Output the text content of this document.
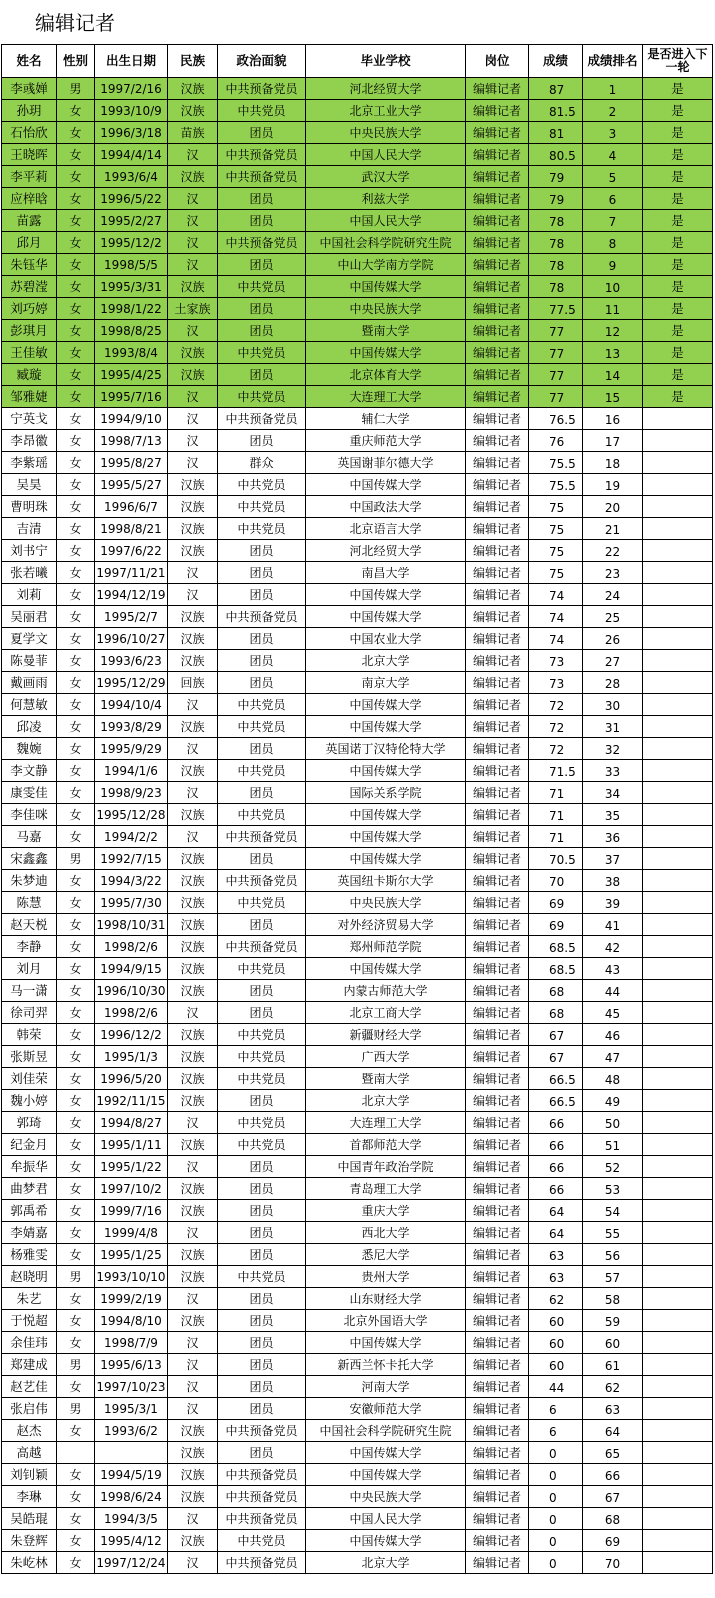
编辑记者
姓名	性别	出生日期	民族	政治面貌	毕业学校	岗位	成绩	成绩排名	是否进入下一轮
李彧婵	男	1997/2/16	汉族	中共预备党员	河北经贸大学	编辑记者	87	1	是
孙玥	女	1993/10/9	汉族	中共党员	北京工业大学	编辑记者	81.5	2	是
石怡欣	女	1996/3/18	苗族	团员	中央民族大学	编辑记者	81	3	是
王晓晖	女	1994/4/14	汉	中共预备党员	中国人民大学	编辑记者	80.5	4	是
李平莉	女	1993/6/4	汉族	中共预备党员	武汉大学	编辑记者	79	5	是
应梓晗	女	1996/5/22	汉	团员	利兹大学	编辑记者	79	6	是
苗露	女	1995/2/27	汉	团员	中国人民大学	编辑记者	78	7	是
邱月	女	1995/12/2	汉	中共预备党员	中国社会科学院研究生院	编辑记者	78	8	是
朱钰华	女	1998/5/5	汉	团员	中山大学南方学院	编辑记者	78	9	是
苏碧滢	女	1995/3/31	汉族	中共党员	中国传媒大学	编辑记者	78	10	是
刘巧婷	女	1998/1/22	土家族	团员	中央民族大学	编辑记者	77.5	11	是
彭琪月	女	1998/8/25	汉	团员	暨南大学	编辑记者	77	12	是
王佳敏	女	1993/8/4	汉族	中共党员	中国传媒大学	编辑记者	77	13	是
臧璇	女	1995/4/25	汉族	团员	北京体育大学	编辑记者	77	14	是
邹雅婕	女	1995/7/16	汉	中共党员	大连理工大学	编辑记者	77	15	是
宁英戈	女	1994/9/10	汉	中共预备党员	辅仁大学	编辑记者	76.5	16	
李昂徽	女	1998/7/13	汉	团员	重庆师范大学	编辑记者	76	17	
李紫瑶	女	1995/8/27	汉	群众	英国谢菲尔德大学	编辑记者	75.5	18	
吴昊	女	1995/5/27	汉族	中共党员	中国传媒大学	编辑记者	75.5	19	
曹明珠	女	1996/6/7	汉族	中共党员	中国政法大学	编辑记者	75	20	
吉清	女	1998/8/21	汉族	中共党员	北京语言大学	编辑记者	75	21	
刘书宁	女	1997/6/22	汉族	团员	河北经贸大学	编辑记者	75	22	
张若曦	女	1997/11/21	汉	团员	南昌大学	编辑记者	75	23	
刘莉	女	1994/12/19	汉	团员	中国传媒大学	编辑记者	74	24	
吴丽君	女	1995/2/7	汉族	中共预备党员	中国传媒大学	编辑记者	74	25	
夏学文	女	1996/10/27	汉族	团员	中国农业大学	编辑记者	74	26	
陈曼菲	女	1993/6/23	汉族	团员	北京大学	编辑记者	73	27	
戴画雨	女	1995/12/29	回族	团员	南京大学	编辑记者	73	28	
何慧敏	女	1994/10/4	汉	中共党员	中国传媒大学	编辑记者	72	30	
邱凌	女	1993/8/29	汉族	中共党员	中国传媒大学	编辑记者	72	31	
魏婉	女	1995/9/29	汉	团员	英国诺丁汉特伦特大学	编辑记者	72	32	
李文静	女	1994/1/6	汉族	中共党员	中国传媒大学	编辑记者	71.5	33	
康雯佳	女	1998/9/23	汉	团员	国际关系学院	编辑记者	71	34	
李佳咪	女	1995/12/28	汉族	中共党员	中国传媒大学	编辑记者	71	35	
马嘉	女	1994/2/2	汉	中共预备党员	中国传媒大学	编辑记者	71	36	
宋鑫鑫	男	1992/7/15	汉族	团员	中国传媒大学	编辑记者	70.5	37	
朱梦迪	女	1994/3/22	汉族	中共预备党员	英国纽卡斯尔大学	编辑记者	70	38	
陈慧	女	1995/7/30	汉族	中共党员	中央民族大学	编辑记者	69	39	
赵天棁	女	1998/10/31	汉族	团员	对外经济贸易大学	编辑记者	69	41	
李静	女	1998/2/6	汉族	中共预备党员	郑州师范学院	编辑记者	68.5	42	
刘月	女	1994/9/15	汉族	中共党员	中国传媒大学	编辑记者	68.5	43	
马一潇	女	1996/10/30	汉族	团员	内蒙古师范大学	编辑记者	68	44	
徐司羿	女	1998/2/6	汉	团员	北京工商大学	编辑记者	68	45	
韩荣	女	1996/12/2	汉族	中共党员	新疆财经大学	编辑记者	67	46	
张斯昱	女	1995/1/3	汉族	中共党员	广西大学	编辑记者	67	47	
刘佳荣	女	1996/5/20	汉族	中共党员	暨南大学	编辑记者	66.5	48	
魏小婷	女	1992/11/15	汉族	团员	北京大学	编辑记者	66.5	49	
郭琦	女	1994/8/27	汉	中共党员	大连理工大学	编辑记者	66	50	
纪金月	女	1995/1/11	汉族	中共党员	首都师范大学	编辑记者	66	51	
牟振华	女	1995/1/22	汉	团员	中国青年政治学院	编辑记者	66	52	
曲梦君	女	1997/10/2	汉族	团员	青岛理工大学	编辑记者	66	53	
郭禹希	女	1999/7/16	汉族	团员	重庆大学	编辑记者	64	54	
李婧嘉	女	1999/4/8	汉	团员	西北大学	编辑记者	64	55	
杨雅雯	女	1995/1/25	汉族	团员	悉尼大学	编辑记者	63	56	
赵晓明	男	1993/10/10	汉族	中共党员	贵州大学	编辑记者	63	57	
朱艺	女	1999/2/19	汉	团员	山东财经大学	编辑记者	62	58	
于悦超	女	1994/8/10	汉族	团员	北京外国语大学	编辑记者	60	59	
余佳玮	女	1998/7/9	汉	团员	中国传媒大学	编辑记者	60	60	
郑建成	男	1995/6/13	汉	团员	新西兰怀卡托大学	编辑记者	60	61	
赵艺佳	女	1997/10/23	汉	团员	河南大学	编辑记者	44	62	
张启伟	男	1995/3/1	汉	团员	安徽师范大学	编辑记者	6	63	
赵杰	女	1993/6/2	汉族	中共预备党员	中国社会科学院研究生院	编辑记者	6	64	
高越			汉族	团员	中国传媒大学	编辑记者	0	65	
刘钊颖	女	1994/5/19	汉族	中共预备党员	中国传媒大学	编辑记者	0	66	
李琳	女	1998/6/24	汉族	中共预备党员	中央民族大学	编辑记者	0	67	
吴皓琨	女	1994/3/5	汉	中共预备党员	中国人民大学	编辑记者	0	68	
朱登辉	女	1995/4/12	汉族	中共党员	中国传媒大学	编辑记者	0	69	
朱屹林	女	1997/12/24	汉	中共预备党员	北京大学	编辑记者	0	70	
